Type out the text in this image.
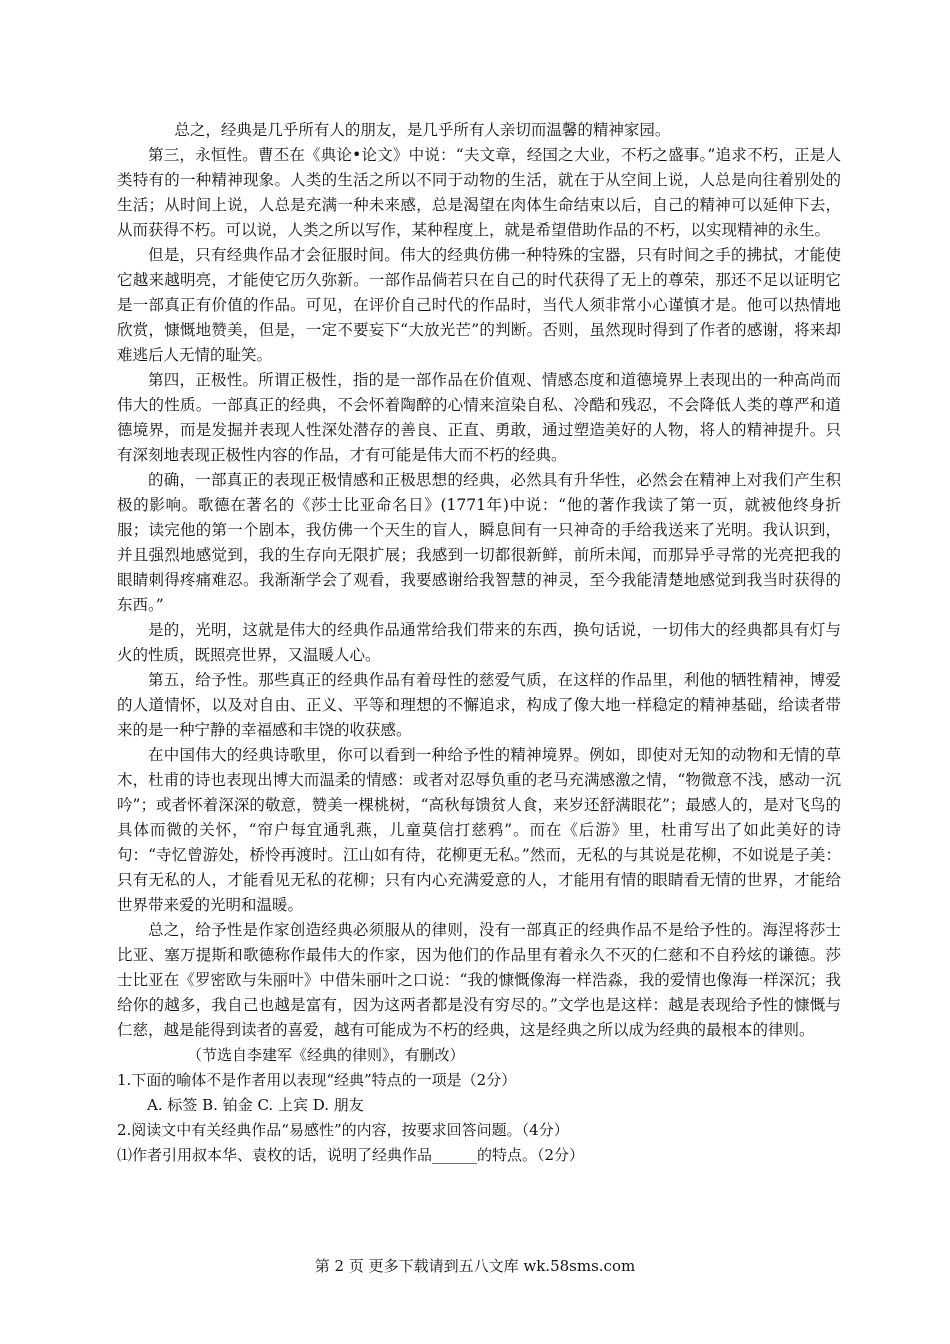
总之，经典是几乎所有人的朋友，是几乎所有人亲切而温馨的精神家园。

第三，永恒性。曹丕在《典论•论文》中说：“夫文章，经国之大业，不朽之盛事。”追求不朽，正是人类特有的一种精神现象。人类的生活之所以不同于动物的生活，就在于从空间上说，人总是向往着别处的生活；从时间上说，人总是充满一种未来感，总是渴望在肉体生命结束以后，自己的精神可以延伸下去，从而获得不朽。可以说，人类之所以写作，某种程度上，就是希望借助作品的不朽，以实现精神的永生。

但是，只有经典作品才会征服时间。伟大的经典仿佛一种特殊的宝器，只有时间之手的拂拭，才能使它越来越明亮，才能使它历久弥新。一部作品倘若只在自己的时代获得了无上的尊荣，那还不足以证明它是一部真正有价值的作品。可见，在评价自己时代的作品时，当代人须非常小心谨慎才是。他可以热情地欣赏，慷慨地赞美，但是，一定不要妄下“大放光芒”的判断。否则，虽然现时得到了作者的感谢，将来却难逃后人无情的耻笑。

第四，正极性。所谓正极性，指的是一部作品在价值观、情感态度和道德境界上表现出的一种高尚而伟大的性质。一部真正的经典，不会怀着陶醉的心情来渲染自私、冷酷和残忍，不会降低人类的尊严和道德境界，而是发掘并表现人性深处潜存的善良、正直、勇敢，通过塑造美好的人物，将人的精神提升。只有深刻地表现正极性内容的作品，才有可能是伟大而不朽的经典。

的确，一部真正的表现正极情感和正极思想的经典，必然具有升华性，必然会在精神上对我们产生积极的影响。歌德在著名的《莎士比亚命名日》(1771年)中说：“他的著作我读了第一页，就被他终身折服；读完他的第一个剧本，我仿佛一个天生的盲人，瞬息间有一只神奇的手给我送来了光明。我认识到，并且强烈地感觉到，我的生存向无限扩展；我感到一切都很新鲜，前所未闻，而那异乎寻常的光亮把我的眼睛刺得疼痛难忍。我渐渐学会了观看，我要感谢给我智慧的神灵，至今我能清楚地感觉到我当时获得的东西。”

是的，光明，这就是伟大的经典作品通常给我们带来的东西，换句话说，一切伟大的经典都具有灯与火的性质，既照亮世界，又温暖人心。

第五，给予性。那些真正的经典作品有着母性的慈爱气质，在这样的作品里，利他的牺牲精神，博爱的人道情怀，以及对自由、正义、平等和理想的不懈追求，构成了像大地一样稳定的精神基础，给读者带来的是一种宁静的幸福感和丰饶的收获感。

在中国伟大的经典诗歌里，你可以看到一种给予性的精神境界。例如，即使对无知的动物和无情的草木，杜甫的诗也表现出博大而温柔的情感：或者对忍辱负重的老马充满感激之情，“物微意不浅，感动一沉吟”；或者怀着深深的敬意，赞美一棵桃树，“高秋每馈贫人食，来岁还舒满眼花”；最感人的，是对飞鸟的具体而微的关怀，“帘户每宜通乳燕，儿童莫信打慈鸦”。而在《后游》里，杜甫写出了如此美好的诗句：“寺忆曾游处，桥怜再渡时。江山如有待，花柳更无私。”然而，无私的与其说是花柳，不如说是子美：只有无私的人，才能看见无私的花柳；只有内心充满爱意的人，才能用有情的眼睛看无情的世界，才能给世界带来爱的光明和温暖。

总之，给予性是作家创造经典必须服从的律则，没有一部真正的经典作品不是给予性的。海涅将莎士比亚、塞万提斯和歌德称作最伟大的作家，因为他们的作品里有着永久不灭的仁慈和不自矜炫的谦德。莎士比亚在《罗密欧与朱丽叶》中借朱丽叶之口说：“我的慷慨像海一样浩淼，我的爱情也像海一样深沉；我给你的越多，我自己也越是富有，因为这两者都是没有穷尽的。”文学也是这样：越是表现给予性的慷慨与仁慈，越是能得到读者的喜爱，越有可能成为不朽的经典，这是经典之所以成为经典的最根本的律则。

（节选自李建军《经典的律则》，有删改）

1.下面的喻体不是作者用以表现“经典”特点的一项是（2分）

A. 标签 B. 铂金 C. 上宾 D. 朋友

2.阅读文中有关经典作品“易感性”的内容，按要求回答问题。（4分）

⑴作者引用叔本华、袁枚的话，说明了经典作品______的特点。（2分）

第 2 页 更多下载请到五八文库 wk.58sms.com
